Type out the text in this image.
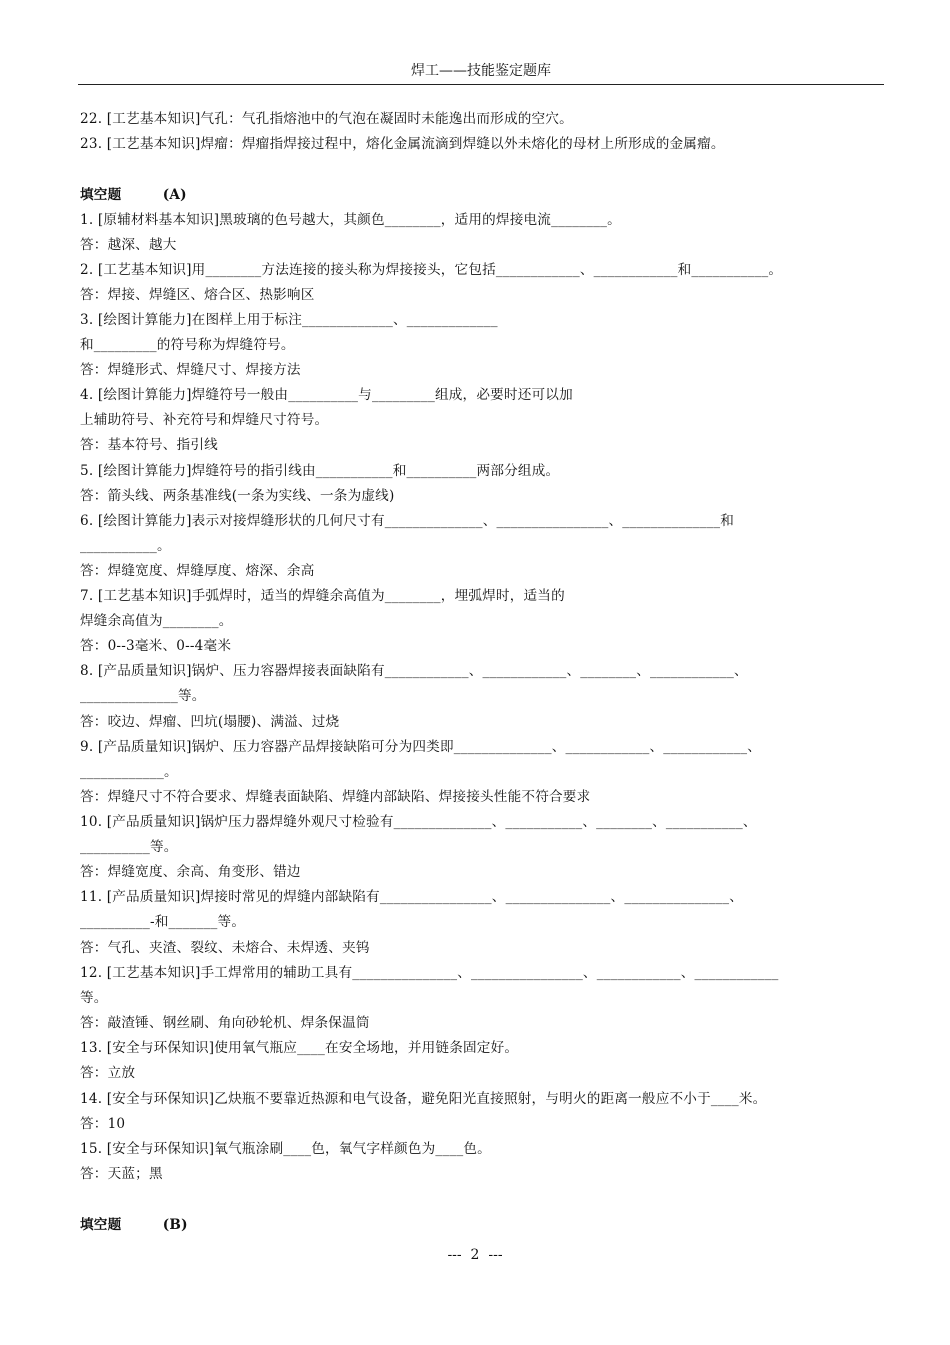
焊工——技能鉴定题库
22. [工艺基本知识]气孔：气孔指熔池中的气泡在凝固时未能逸出而形成的空穴。
23. [工艺基本知识]焊瘤：焊瘤指焊接过程中，熔化金属流滴到焊缝以外未熔化的母材上所形成的金属瘤。
填空题　　　(A)
1. [原辅材料基本知识]黑玻璃的色号越大，其颜色________，适用的焊接电流________。
答：越深、越大
2. [工艺基本知识]用________方法连接的接头称为焊接接头，它包括____________、____________和___________。
答：焊接、焊缝区、熔合区、热影响区
3. [绘图计算能力]在图样上用于标注_____________、_____________
和_________的符号称为焊缝符号。
答：焊缝形式、焊缝尺寸、焊接方法
4. [绘图计算能力]焊缝符号一般由__________与_________组成，必要时还可以加
上辅助符号、补充符号和焊缝尺寸符号。
答：基本符号、指引线
5. [绘图计算能力]焊缝符号的指引线由___________和__________两部分组成。
答：箭头线、两条基准线(一条为实线、一条为虚线)
6. [绘图计算能力]表示对接焊缝形状的几何尺寸有______________、________________、______________和
___________。
答：焊缝宽度、焊缝厚度、熔深、余高
7. [工艺基本知识]手弧焊时，适当的焊缝余高值为________，埋弧焊时，适当的
焊缝余高值为________。
答：0--3毫米、0--4毫米
8. [产品质量知识]锅炉、压力容器焊接表面缺陷有____________、____________、________、____________、
______________等。
答：咬边、焊瘤、凹坑(塌腰)、满溢、过烧
9. [产品质量知识]锅炉、压力容器产品焊接缺陷可分为四类即______________、____________、____________、
____________。
答：焊缝尺寸不符合要求、焊缝表面缺陷、焊缝内部缺陷、焊接接头性能不符合要求
10. [产品质量知识]锅炉压力器焊缝外观尺寸检验有______________、___________、________、___________、
__________等。
答：焊缝宽度、余高、角变形、错边
11. [产品质量知识]焊接时常见的焊缝内部缺陷有________________、_______________、_______________、
__________-和_______等。
答：气孔、夹渣、裂纹、未熔合、未焊透、夹钨
12. [工艺基本知识]手工焊常用的辅助工具有_______________、________________、____________、____________
等。
答：敲渣锤、钢丝刷、角向砂轮机、焊条保温筒
13. [安全与环保知识]使用氧气瓶应____在安全场地，并用链条固定好。
答：立放
14. [安全与环保知识]乙炔瓶不要靠近热源和电气设备，避免阳光直接照射，与明火的距离一般应不小于____米。
答：10
15. [安全与环保知识]氧气瓶涂刷____色，氧气字样颜色为____色。
答：天蓝；黑
填空题　　　(B)
---  2  ---
